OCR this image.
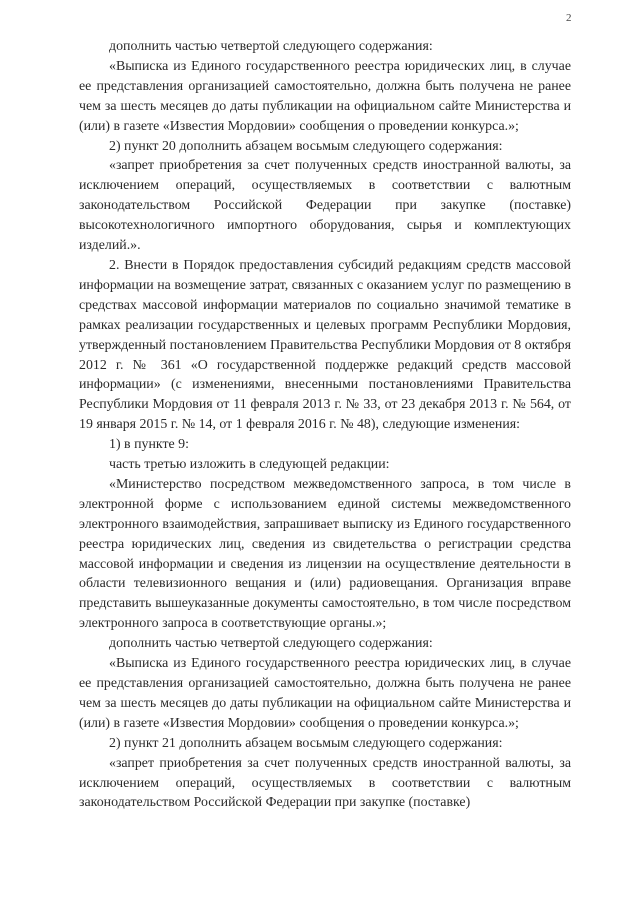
2

дополнить частью четвертой следующего содержания:

«Выписка из Единого государственного реестра юридических лиц, в случае ее представления организацией самостоятельно, должна быть получена не ранее чем за шесть месяцев до даты публикации на официальном сайте Министерства и (или) в газете «Известия Мордовии» сообщения о проведении конкурса.»;

2) пункт 20 дополнить абзацем восьмым следующего содержания:

«запрет приобретения за счет полученных средств иностранной валюты, за исключением операций, осуществляемых в соответствии с валютным законодательством Российской Федерации при закупке (поставке) высокотехнологичного импортного оборудования, сырья и комплектующих изделий.».

2. Внести в Порядок предоставления субсидий редакциям средств массовой информации на возмещение затрат, связанных с оказанием услуг по размещению в средствах массовой информации материалов по социально значимой тематике в рамках реализации государственных и целевых программ Республики Мордовия, утвержденный постановлением Правительства Республики Мордовия от 8 октября 2012 г. № 361 «О государственной поддержке редакций средств массовой информации» (с изменениями, внесенными постановлениями Правительства Республики Мордовия от 11 февраля 2013 г. № 33, от 23 декабря 2013 г. № 564, от 19 января 2015 г. № 14, от 1 февраля 2016 г. № 48), следующие изменения:

1) в пункте 9:

часть третью изложить в следующей редакции:

«Министерство посредством межведомственного запроса, в том числе в электронной форме с использованием единой системы межведомственного электронного взаимодействия, запрашивает выписку из Единого государственного реестра юридических лиц, сведения из свидетельства о регистрации средства массовой информации и сведения из лицензии на осуществление деятельности в области телевизионного вещания и (или) радиовещания. Организация вправе представить вышеуказанные документы самостоятельно, в том числе посредством электронного запроса в соответствующие органы.»;

дополнить частью четвертой следующего содержания:

«Выписка из Единого государственного реестра юридических лиц, в случае ее представления организацией самостоятельно, должна быть получена не ранее чем за шесть месяцев до даты публикации на официальном сайте Министерства и (или) в газете «Известия Мордовии» сообщения о проведении конкурса.»;

2) пункт 21 дополнить абзацем восьмым следующего содержания:

«запрет приобретения за счет полученных средств иностранной валюты, за исключением операций, осуществляемых в соответствии с валютным законодательством Российской Федерации при закупке (поставке)
